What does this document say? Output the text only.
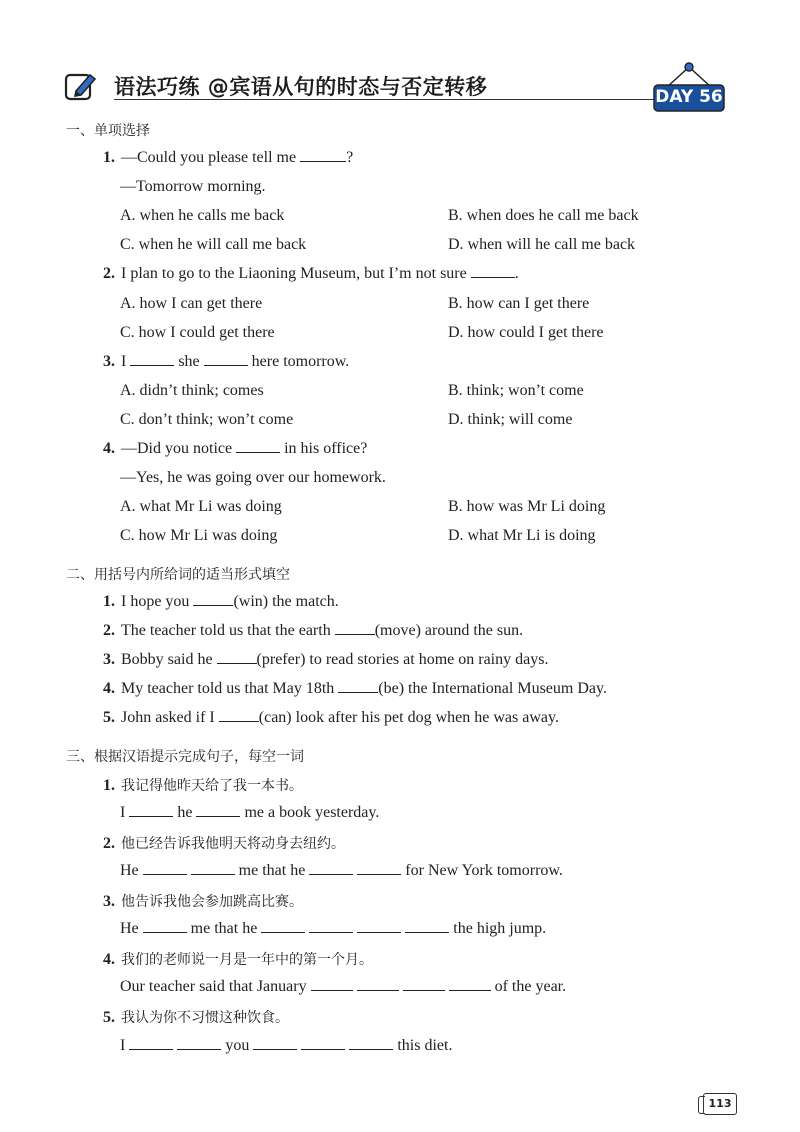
语法巧练 @宾语从句的时态与否定转移	DAY 56
一、单项选择
1. —Could you please tell me	?
—Tomorrow morning.
A. when he calls me back	B. when does he call me back
C. when he will call me back	D. when will he call me back
2. I plan to go to the Liaoning Museum, but I’m not sure	.
A. how I can get there	B. how can I get there
C. how I could get there	D. how could I get there
3. I	she	here tomorrow.
A. didn’t think; comes	B. think; won’t come
C. don’t think; won’t come	D. think; will come
4. —Did you notice	in his office?
—Yes, he was going over our homework.
A. what Mr Li was doing	B. how was Mr Li doing
C. how Mr Li was doing	D. what Mr Li is doing
二、用括号内所给词的适当形式填空
1. I hope you	(win) the match.
2. The teacher told us that the earth	(move) around the sun.
3. Bobby said he	(prefer) to read stories at home on rainy days.
4. My teacher told us that May 18th	(be) the International Museum Day.
5. John asked if I	(can) look after his pet dog when he was away.
三、根据汉语提示完成句子，每空一词
1. 我记得他昨天给了我一本书。
I	he	me a book yesterday.
2. 他已经告诉我他明天将动身去纽约。
He	me that he	for New York tomorrow.
3. 他告诉我他会参加跳高比赛。
He	me that he	the high jump.
4. 我们的老师说一月是一年中的第一个月。
Our teacher said that January	of the year.
5. 我认为你不习惯这种饮食。
I	you	this diet.
113
